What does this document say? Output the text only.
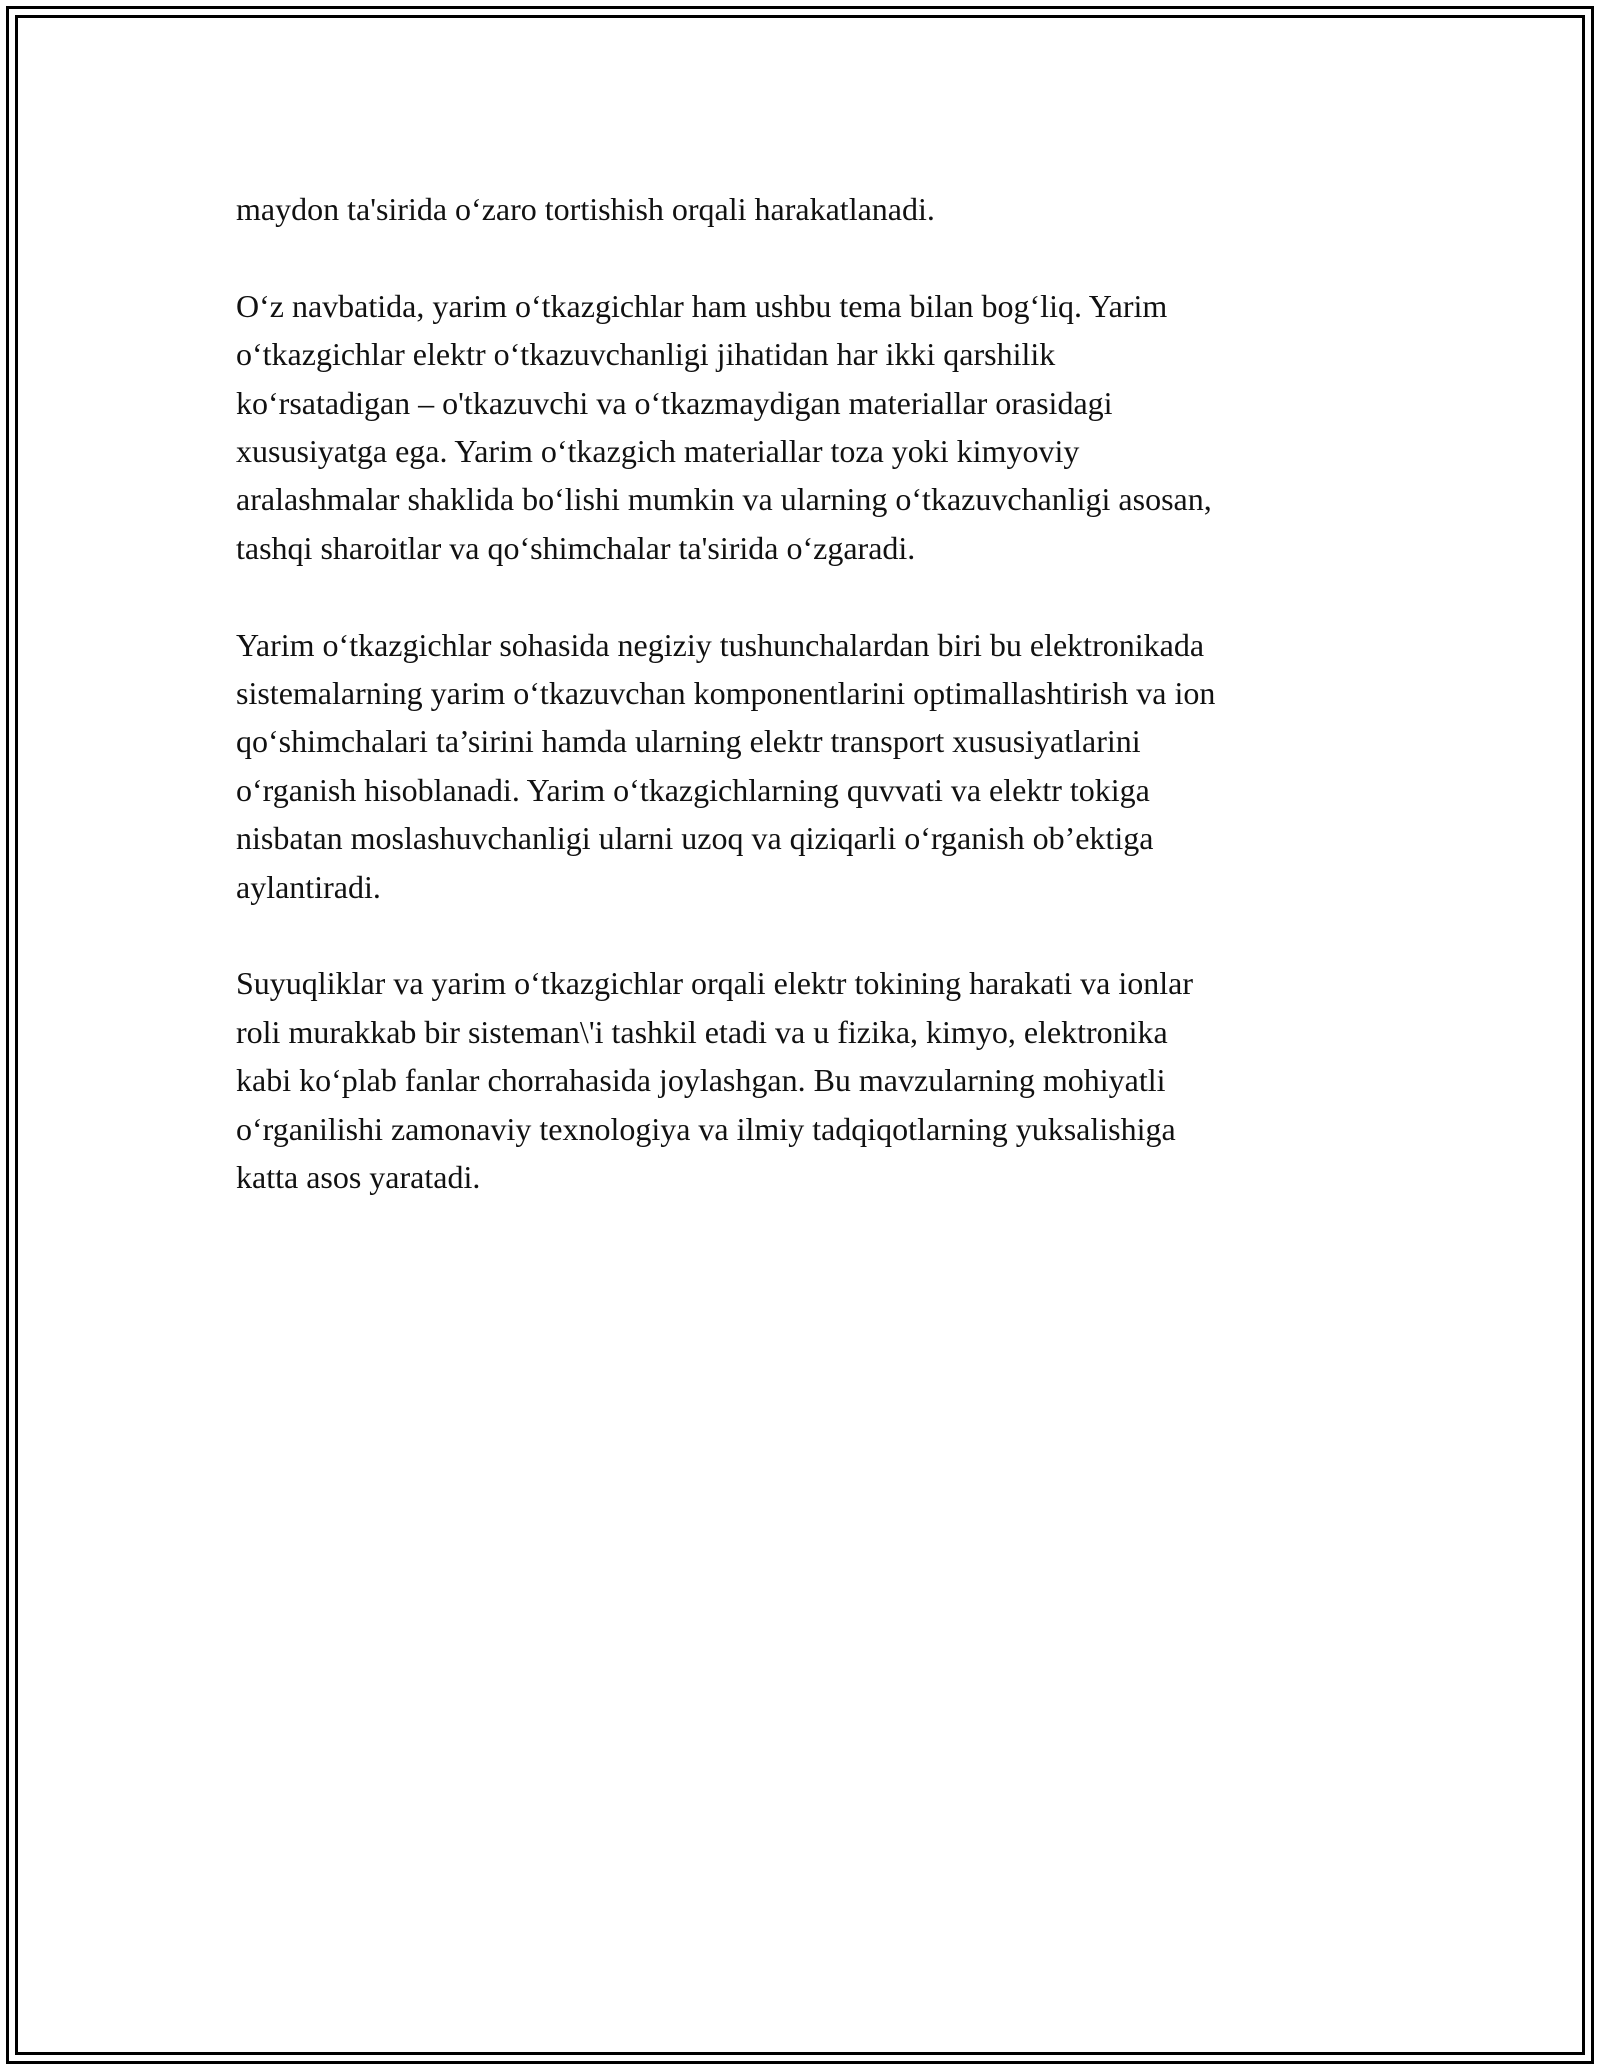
maydon ta'sirida o‘zaro tortishish orqali harakatlanadi.

O‘z navbatida, yarim o‘tkazgichlar ham ushbu tema bilan bog‘liq. Yarim
o‘tkazgichlar elektr o‘tkazuvchanligi jihatidan har ikki qarshilik
ko‘rsatadigan – o'tkazuvchi va o‘tkazmaydigan materiallar orasidagi
xususiyatga ega. Yarim o‘tkazgich materiallar toza yoki kimyoviy
aralashmalar shaklida bo‘lishi mumkin va ularning o‘tkazuvchanligi asosan,
tashqi sharoitlar va qo‘shimchalar ta'sirida o‘zgaradi.

Yarim o‘tkazgichlar sohasida negiziy tushunchalardan biri bu elektronikada
sistemalarning yarim o‘tkazuvchan komponentlarini optimallashtirish va ion
qo‘shimchalari ta’sirini hamda ularning elektr transport xususiyatlarini
o‘rganish hisoblanadi. Yarim o‘tkazgichlarning quvvati va elektr tokiga
nisbatan moslashuvchanligi ularni uzoq va qiziqarli o‘rganish ob’ektiga
aylantiradi.

Suyuqliklar va yarim o‘tkazgichlar orqali elektr tokining harakati va ionlar
roli murakkab bir sisteman\'i tashkil etadi va u fizika, kimyo, elektronika
kabi ko‘plab fanlar chorrahasida joylashgan. Bu mavzularning mohiyatli
o‘rganilishi zamonaviy texnologiya va ilmiy tadqiqotlarning yuksalishiga
katta asos yaratadi.
